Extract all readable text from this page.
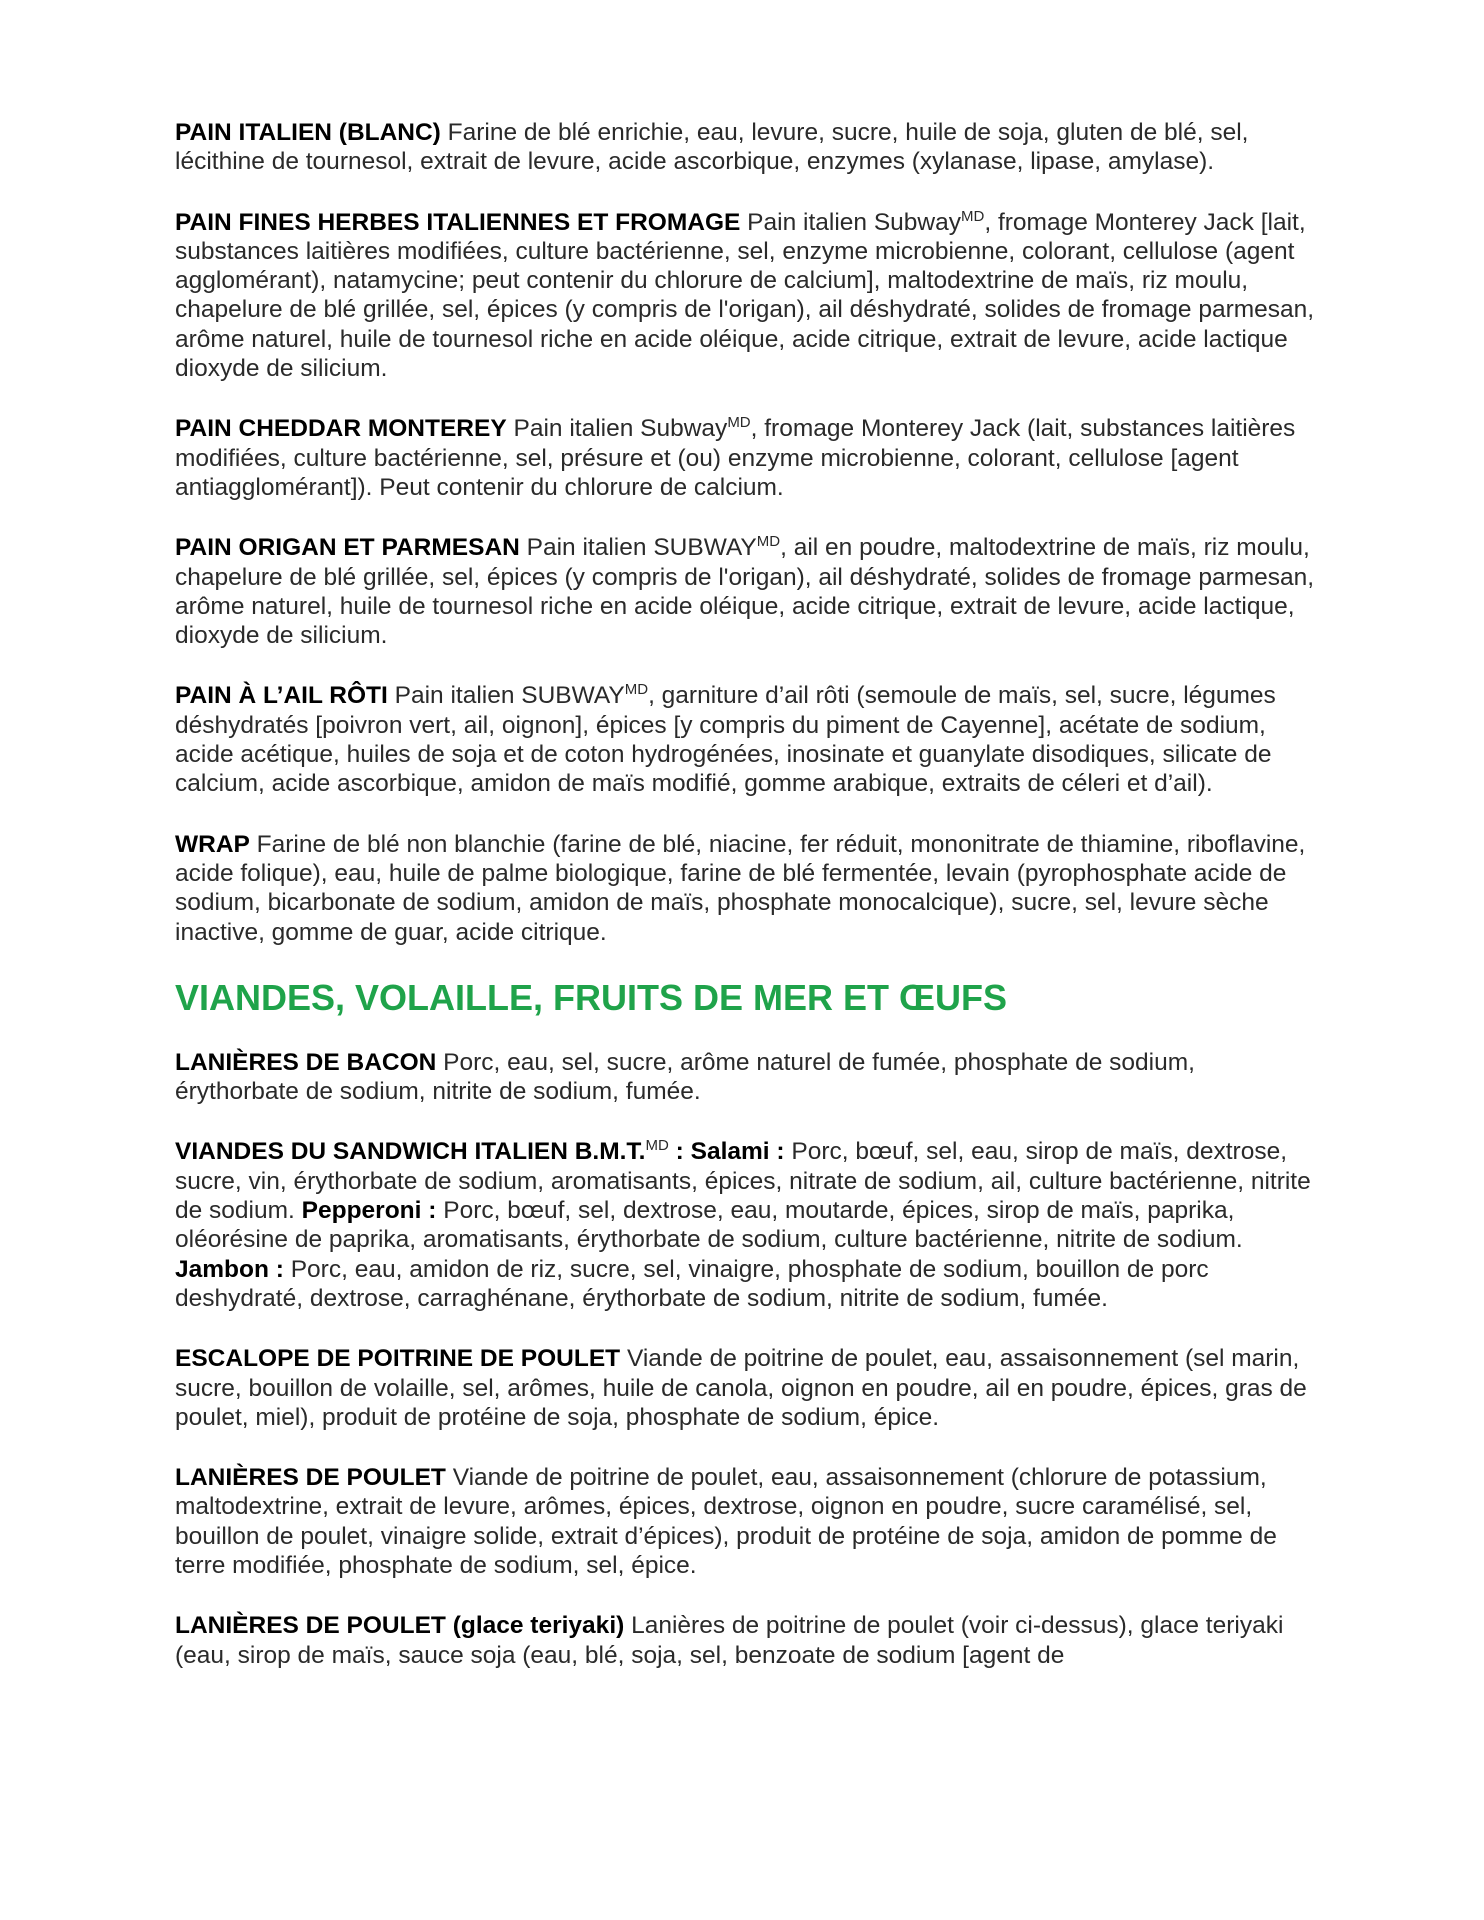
PAIN ITALIEN (BLANC) Farine de blé enrichie, eau, levure, sucre, huile de soja, gluten de blé, sel, lécithine de tournesol, extrait de levure, acide ascorbique, enzymes (xylanase, lipase, amylase).

PAIN FINES HERBES ITALIENNES ET FROMAGE Pain italien Subway$^{MD}$, fromage Monterey Jack [lait, substances laitières modifiées, culture bactérienne, sel, enzyme microbienne, colorant, cellulose (agent agglomérant), natamycine; peut contenir du chlorure de calcium], maltodextrine de maïs, riz moulu, chapelure de blé grillée, sel, épices (y compris de l'origan), ail déshydraté, solides de fromage parmesan, arôme naturel, huile de tournesol riche en acide oléique, acide citrique, extrait de levure, acide lactique dioxyde de silicium.

PAIN CHEDDAR MONTEREY Pain italien Subway$^{MD}$, fromage Monterey Jack (lait, substances laitières modifiées, culture bactérienne, sel, présure et (ou) enzyme microbienne, colorant, cellulose [agent antiagglomérant]). Peut contenir du chlorure de calcium.

PAIN ORIGAN ET PARMESAN Pain italien $SUBWAY^{MD}$, ail en poudre, maltodextrine de maïs, riz moulu, chapelure de blé grillée, sel, épices (y compris de l'origan), ail déshydraté, solides de fromage parmesan, arôme naturel, huile de tournesol riche en acide oléique, acide citrique, extrait de levure, acide lactique, dioxyde de silicium.

PAIN À L’AIL RÔTI Pain italien $SUBWAY^{MD}$, garniture d’ail rôti (semoule de maïs, sel, sucre, légumes déshydratés [poivron vert, ail, oignon], épices [y compris du piment de Cayenne], acétate de sodium, acide acétique, huiles de soja et de coton hydrogénées, inosinate et guanylate disodiques, silicate de calcium, acide ascorbique, amidon de maïs modifié, gomme arabique, extraits de céleri et d’ail).

WRAP Farine de blé non blanchie (farine de blé, niacine, fer réduit, mononitrate de thiamine, riboflavine, acide folique), eau, huile de palme biologique, farine de blé fermentée, levain (pyrophosphate acide de sodium, bicarbonate de sodium, amidon de maïs, phosphate monocalcique), sucre, sel, levure sèche inactive, gomme de guar, acide citrique.

VIANDES, VOLAILLE, FRUITS DE MER ET ŒUFS

LANIÈRES DE BACON Porc, eau, sel, sucre, arôme naturel de fumée, phosphate de sodium, érythorbate de sodium, nitrite de sodium, fumée.

VIANDES DU SANDWICH ITALIEN B.M.T.$^{MD}$ : Salami : Porc, bœuf, sel, eau, sirop de maïs, dextrose, sucre, vin, érythorbate de sodium, aromatisants, épices, nitrate de sodium, ail, culture bactérienne, nitrite de sodium. Pepperoni : Porc, bœuf, sel, dextrose, eau, moutarde, épices, sirop de maïs, paprika, oléorésine de paprika, aromatisants, érythorbate de sodium, culture bactérienne, nitrite de sodium. Jambon : Porc, eau, amidon de riz, sucre, sel, vinaigre, phosphate de sodium, bouillon de porc deshydraté, dextrose, carraghénane, érythorbate de sodium, nitrite de sodium, fumée.

ESCALOPE DE POITRINE DE POULET Viande de poitrine de poulet, eau, assaisonnement (sel marin, sucre, bouillon de volaille, sel, arômes, huile de canola, oignon en poudre, ail en poudre, épices, gras de poulet, miel), produit de protéine de soja, phosphate de sodium, épice.

LANIÈRES DE POULET Viande de poitrine de poulet, eau, assaisonnement (chlorure de potassium, maltodextrine, extrait de levure, arômes, épices, dextrose, oignon en poudre, sucre caramélisé, sel, bouillon de poulet, vinaigre solide, extrait d’épices), produit de protéine de soja, amidon de pomme de terre modifiée, phosphate de sodium, sel, épice.

LANIÈRES DE POULET (glace teriyaki) Lanières de poitrine de poulet (voir ci-dessus), glace teriyaki (eau, sirop de maïs, sauce soja (eau, blé, soja, sel, benzoate de sodium [agent de
